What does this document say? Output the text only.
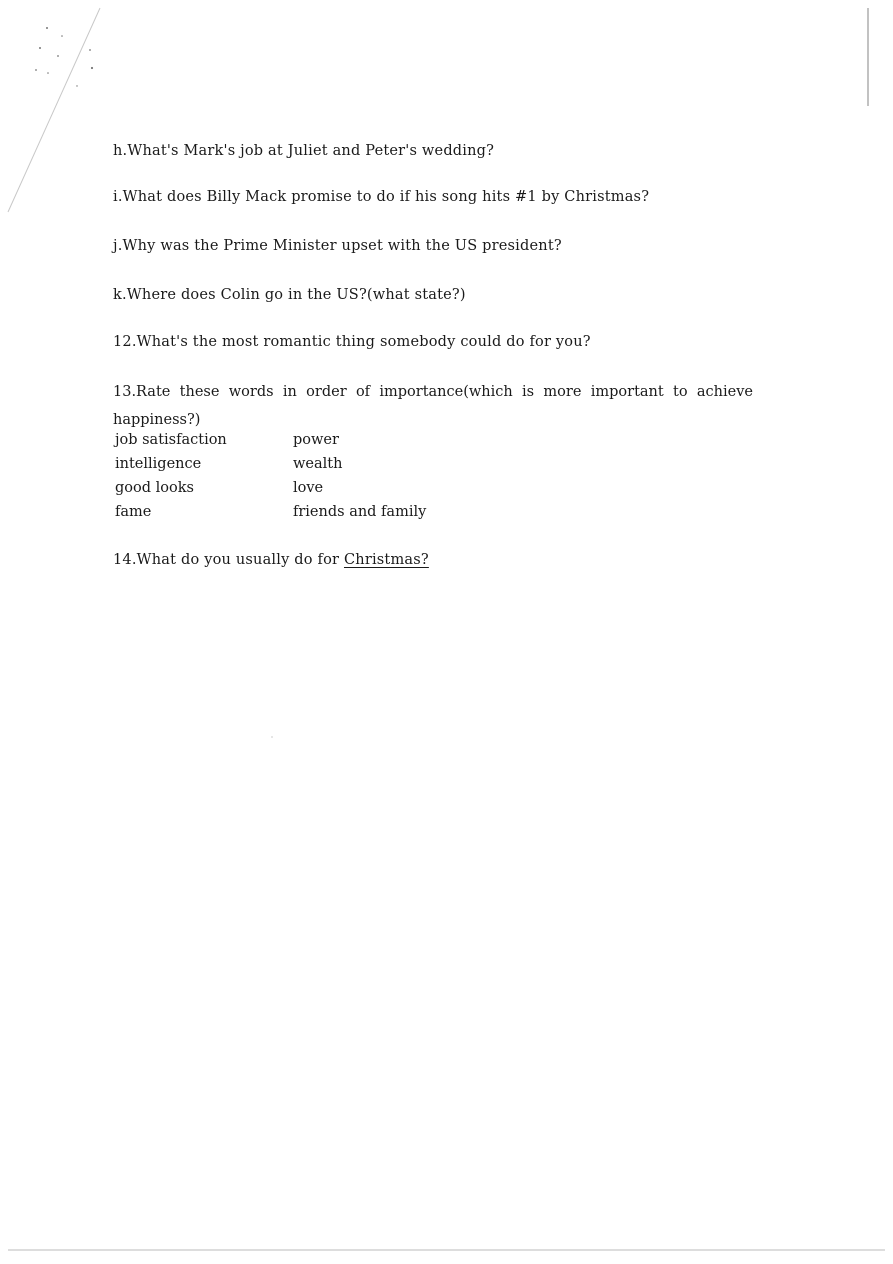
h.What's Mark's job at Juliet and Peter's wedding?

i.What does Billy Mack promise to do if his song hits #1 by Christmas?

j.Why was the Prime Minister upset with the US president?

k.Where does Colin go in the US?(what state?)

12.What's the most romantic thing somebody could do for you?

13.Rate these words in order of importance(which is more important to achieve happiness?)

job satisfaction	power
intelligence	wealth
good looks	love
fame	friends and family

14.What do you usually do for Christmas?
